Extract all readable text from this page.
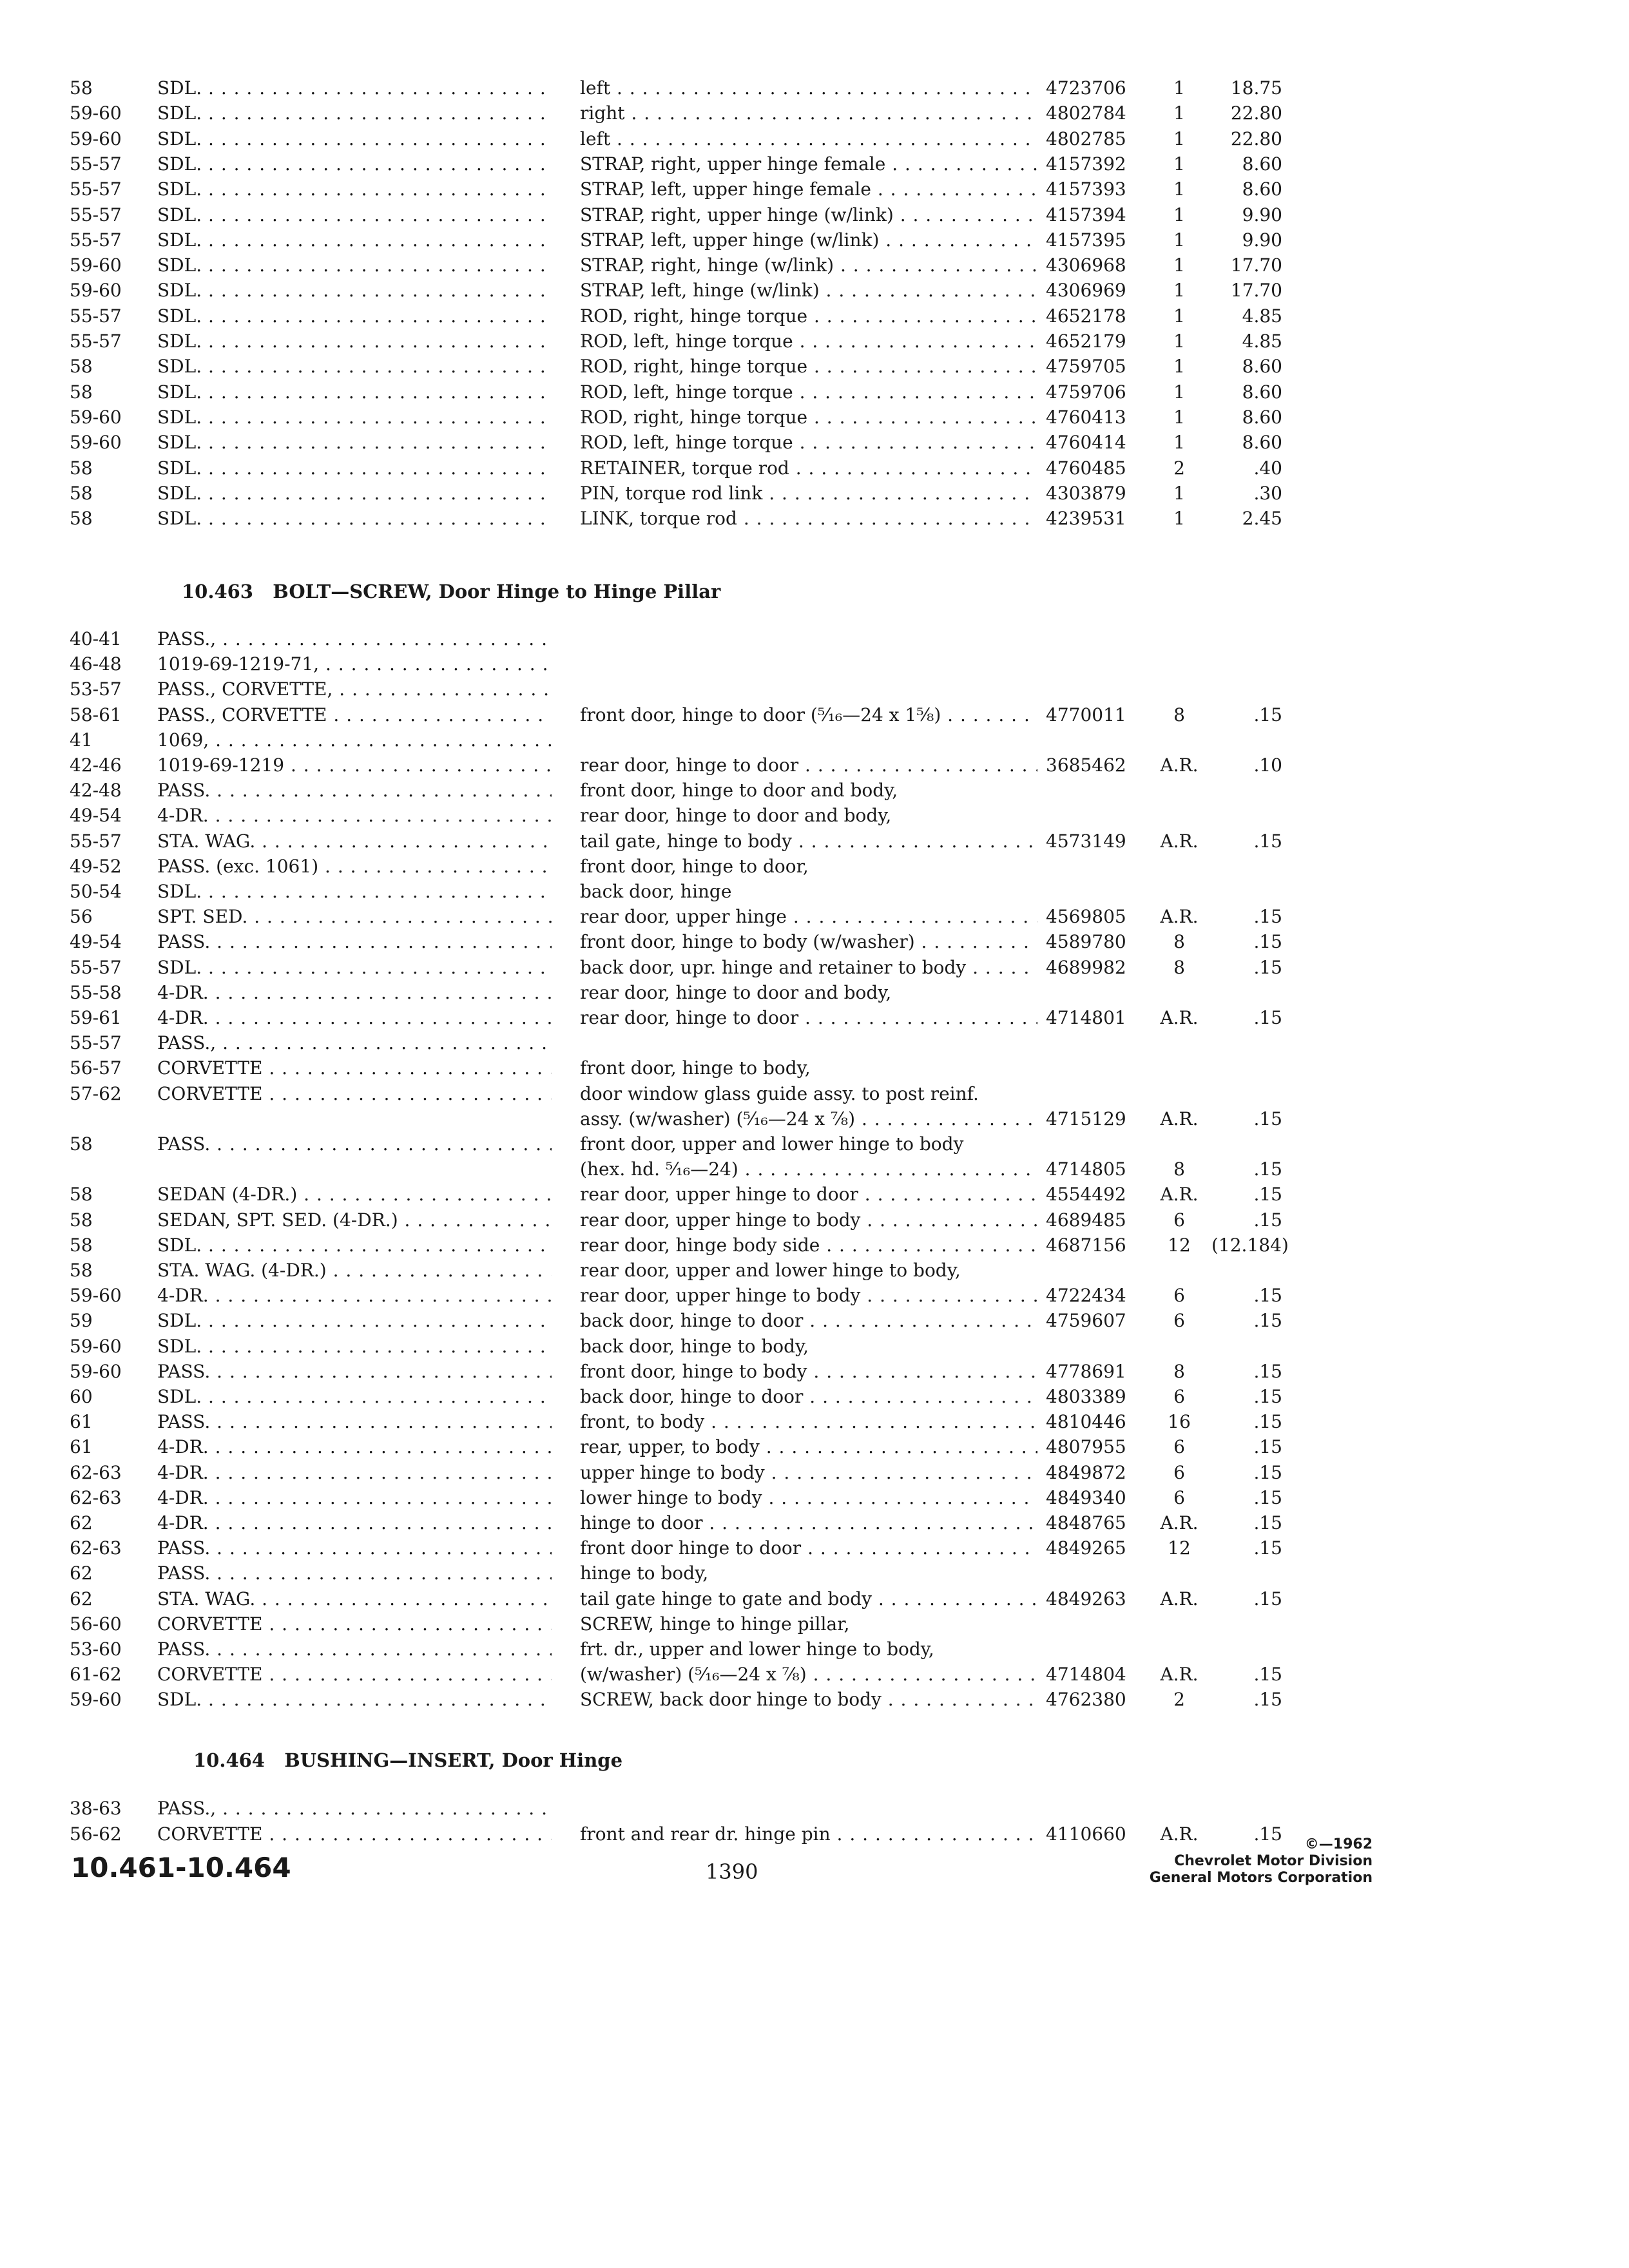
58	SDL. . . .	left . . .	4723706	1	18.75
59-60 SDL. . . .	right . . .	4802784	1	22.80
59-60 SDL. . . .	left . . .	4802785	1	22.80
55-57 SDL. . . .	STRAP, right, upper hinge female . . .	4157392	1	8.60
55-57 SDL. . . .	STRAP, left, upper hinge female . . .	4157393	1	8.60
55-57 SDL. . . .	STRAP, right, upper hinge (w/link) . . .	4157394	1	9.90
55-57 SDL. . . .	STRAP, left, upper hinge (w/link) . . .	4157395	1	9.90
59-60 SDL. . . .	STRAP, right, hinge (w/link) . . .	4306968	1	17.70
59-60 SDL. . . .	STRAP, left, hinge (w/link) . . .	4306969	1	17.70
55-57 SDL. . . .	ROD, right, hinge torque . . .	4652178	1	4.85
55-57 SDL. . . .	ROD, left, hinge torque . . .	4652179	1	4.85
58	SDL. . . .	ROD, right, hinge torque . . .	4759705	1	8.60
58	SDL. . . .	ROD, left, hinge torque . . .	4759706	1	8.60
59-60 SDL. . . .	ROD, right, hinge torque . . .	4760413	1	8.60
59-60 SDL. . . .	ROD, left, hinge torque . . .	4760414	1	8.60
58	SDL. . . .	RETAINER, torque rod . . .	4760485	2	.40
58	SDL. . . .	PIN, torque rod link . . .	4303879	1	.30
58	SDL. . . .	LINK, torque rod . . .	4239531	1	2.45
10.463 BOLT—SCREW, Door Hinge to Hinge Pillar
40-41 PASS., . . .
46-48 1019-69-1219-71, . . .
53-57 PASS., CORVETTE, . . .
58-61 PASS., CORVETTE . . .	front door, hinge to door (⁵⁄₁₆—24 x 1⁵⁄₈) . . .	4770011	8	.15
41	1069, . . .
42-46 1019-69-1219 . . .	rear door, hinge to door . . .	3685462 A.R.	.10
42-48 PASS. . . .	front door, hinge to door and body,
49-54 4-DR. . . .	rear door, hinge to door and body,
55-57 STA. WAG. . . .	tail gate, hinge to body . . .	4573149 A.R.	.15
49-52 PASS. (exc. 1061) . . .	front door, hinge to door,
50-54 SDL. . . .	back door, hinge
56	SPT. SED. . . .	rear door, upper hinge . . .	4569805 A.R.	.15
49-54 PASS. . . .	front door, hinge to body (w/washer) . . .	4589780	8	.15
55-57 SDL. . . .	back door, upr. hinge and retainer to body . . .	4689982	8	.15
55-58 4-DR. . . .	rear door, hinge to door and body,
59-61 4-DR. . . .	rear door, hinge to door . . .	4714801 A.R.	.15
55-57 PASS., . . .
56-57 CORVETTE . . .	front door, hinge to body,
57-62 CORVETTE . . .	door window glass guide assy. to post reinf.
assy. (w/washer) (⁵⁄₁₆—24 x ⁷⁄₈) . . .	4715129 A.R.	.15
58	PASS. . . .	front door, upper and lower hinge to body
(hex. hd. ⁵⁄₁₆—24) . . .	4714805	8	.15
58	SEDAN (4-DR.) . . .	rear door, upper hinge to door . . .	4554492 A.R.	.15
58	SEDAN, SPT. SED. (4-DR.) . . .	rear door, upper hinge to body . . .	4689485	6	.15
58	SDL. . . .	rear door, hinge body side . . .	4687156	12	(12.184)
58	STA. WAG. (4-DR.) . . .	rear door, upper and lower hinge to body,
59-60 4-DR. . . .	rear door, upper hinge to body . . .	4722434	6	.15
59	SDL. . . .	back door, hinge to door . . .	4759607	6	.15
59-60 SDL. . . .	back door, hinge to body,
59-60 PASS. . . .	front door, hinge to body . . .	4778691	8	.15
60	SDL. . . .	back door, hinge to door . . .	4803389	6	.15
61	PASS. . . .	front, to body . . .	4810446	16	.15
61	4-DR. . . .	rear, upper, to body . . .	4807955	6	.15
62-63 4-DR. . . .	upper hinge to body . . .	4849872	6	.15
62-63 4-DR. . . .	lower hinge to body . . .	4849340	6	.15
62	4-DR. . . .	hinge to door . . .	4848765 A.R.	.15
62-63 PASS. . . .	front door hinge to door . . .	4849265	12	.15
62	PASS. . . .	hinge to body,
62	STA. WAG. . . .	tail gate hinge to gate and body . . .	4849263 A.R.	.15
56-60 CORVETTE . . .	SCREW, hinge to hinge pillar,
53-60 PASS. . . .	frt. dr., upper and lower hinge to body,
61-62 CORVETTE . . .	(w/washer) (⁵⁄₁₆—24 x ⁷⁄₈) . . .	4714804 A.R.	.15
59-60 SDL. . . .	SCREW, back door hinge to body . . .	4762380	2	.15
10.464 BUSHING—INSERT, Door Hinge
38-63 PASS., . . .
56-62 CORVETTE . . .	front and rear dr. hinge pin . . .	4110660 A.R.	.15
10.461-10.464	1390
©—1962
Chevrolet Motor Division
General Motors Corporation
